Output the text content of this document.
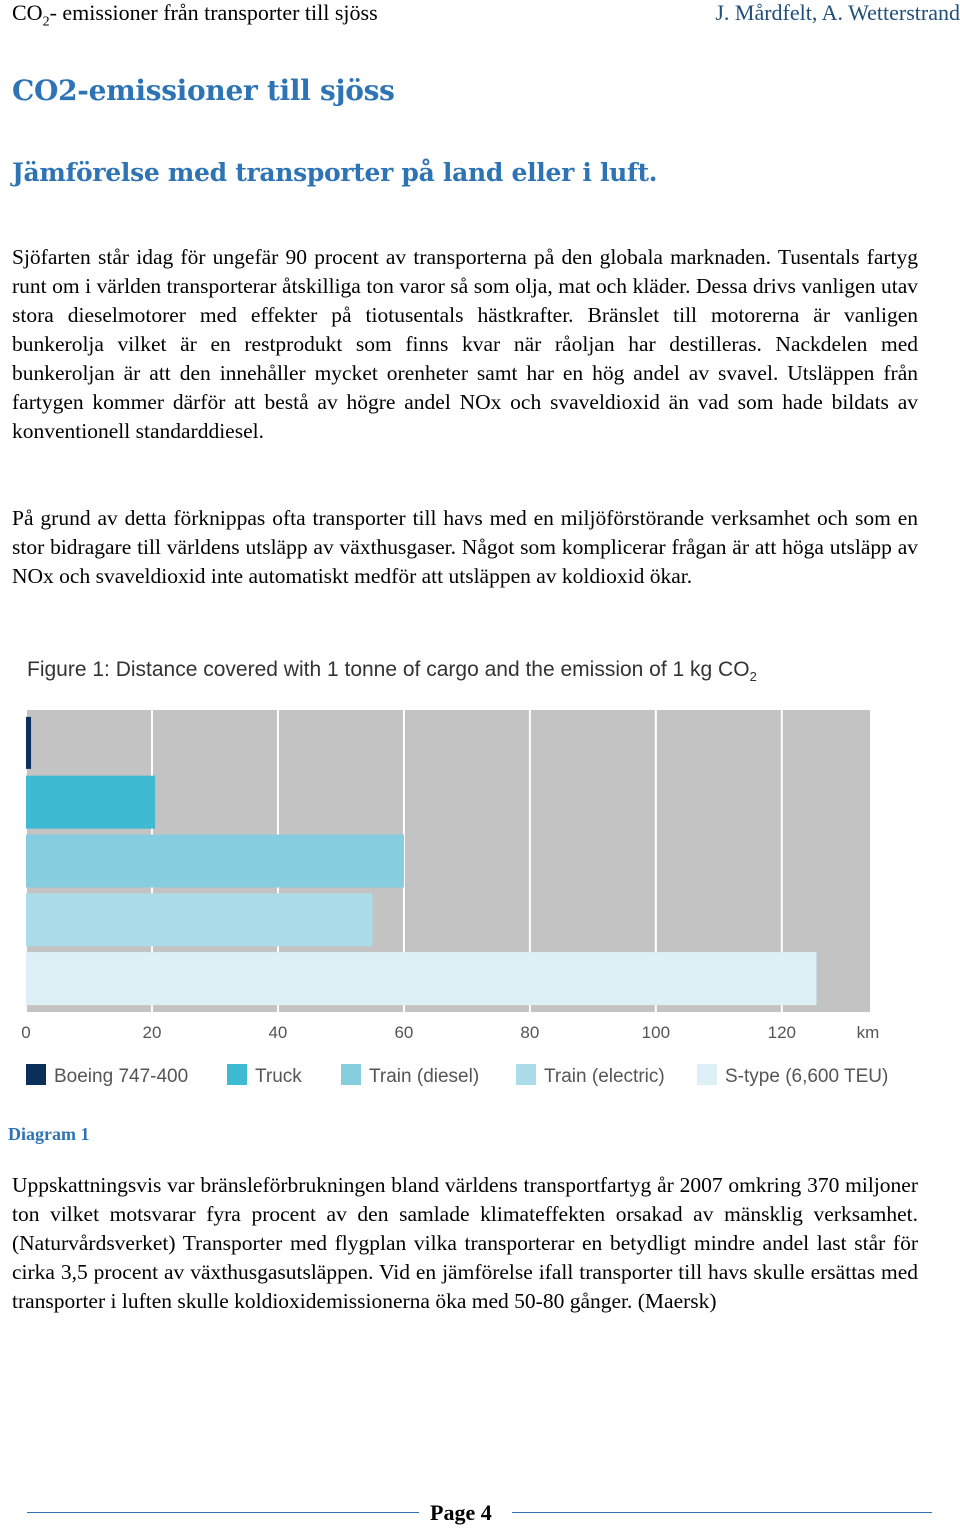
$CO_2-$ emissioner från transporter till sjöss	J. Mårdfelt, A. Wetterstrand
CO2-emissioner till sjöss
Jämförelse med transporter på land eller i luft.
Sjöfarten står idag för ungefär 90 procent av transporterna på den globala marknaden. Tusentals fartyg runt om i världen transporterar åtskilliga ton varor så som olja, mat och kläder. Dessa drivs vanligen utav stora dieselmotorer med effekter på tiotusentals hästkrafter. Bränslet till motorerna är vanligen bunkerolja vilket är en restprodukt som finns kvar när råoljan har destilleras. Nackdelen med bunkeroljan är att den innehåller mycket orenheter samt har en hög andel av svavel. Utsläppen från fartygen kommer därför att bestå av högre andel NOx och svaveldioxid än vad som hade bildats av konventionell standarddiesel.
På grund av detta förknippas ofta transporter till havs med en miljöförstörande verksamhet och som en stor bidragare till världens utsläpp av växthusgaser. Något som komplicerar frågan är att höga utsläpp av NOx och svaveldioxid inte automatiskt medför att utsläppen av koldioxid ökar.
Figure 1: Distance covered with 1 tonne of cargo and the emission of 1 kg $CO_2$
0	20	40	60	80	100	120	km
Boeing 747-400	Truck	Train (diesel)	Train (electric)	S-type (6,600 TEU)
Diagram 1
Uppskattningsvis var bränsleförbrukningen bland världens transportfartyg år 2007 omkring 370 miljoner ton vilket motsvarar fyra procent av den samlade klimateffekten orsakad av mänsklig verksamhet.(Naturvårdsverket) Transporter med flygplan vilka transporterar en betydligt mindre andel last står för cirka 3,5 procent av växthusgasutsläppen. Vid en jämförelse ifall transporter till havs skulle ersättas med transporter i luften skulle koldioxidemissionerna öka med 50-80 gånger. (Maersk)
Page 4
